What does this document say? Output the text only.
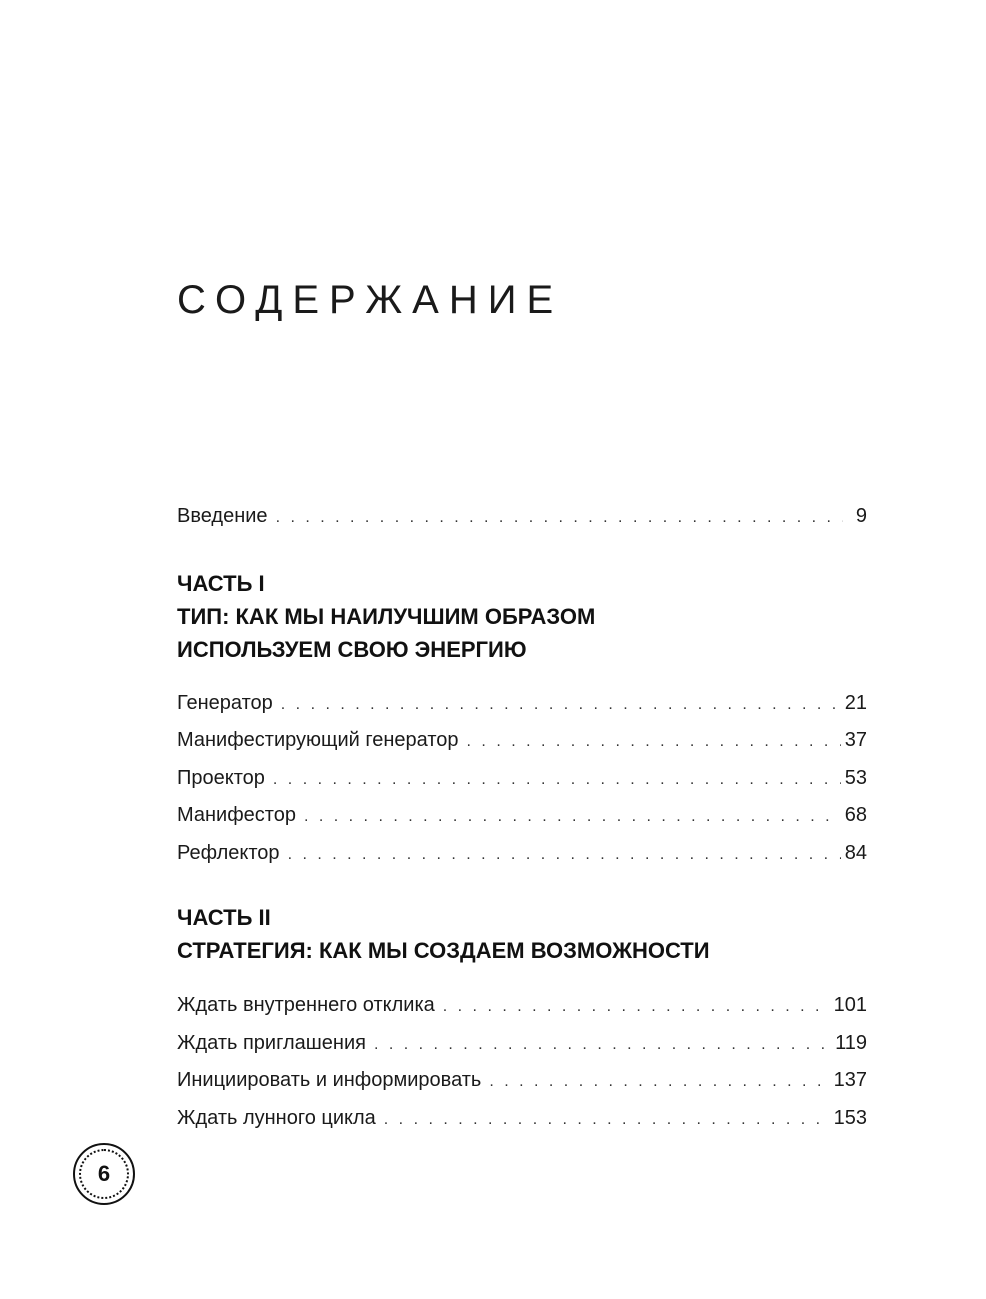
СОДЕРЖАНИЕ
Введение . . .	9
ЧАСТЬ I
ТИП: КАК МЫ НАИЛУЧШИМ ОБРАЗОМ
ИСПОЛЬЗУЕМ СВОЮ ЭНЕРГИЮ
Генератор . . .	21
Манифестирующий генератор . . .	37
Проектор . . .	53
Манифестор . . .	68
Рефлектор . . .	84
ЧАСТЬ II
СТРАТЕГИЯ: КАК МЫ СОЗДАЕМ ВОЗМОЖНОСТИ
Ждать внутреннего отклика . . .	101
Ждать приглашения . . .	119
Инициировать и информировать . . .	137
Ждать лунного цикла . . .	153
6
